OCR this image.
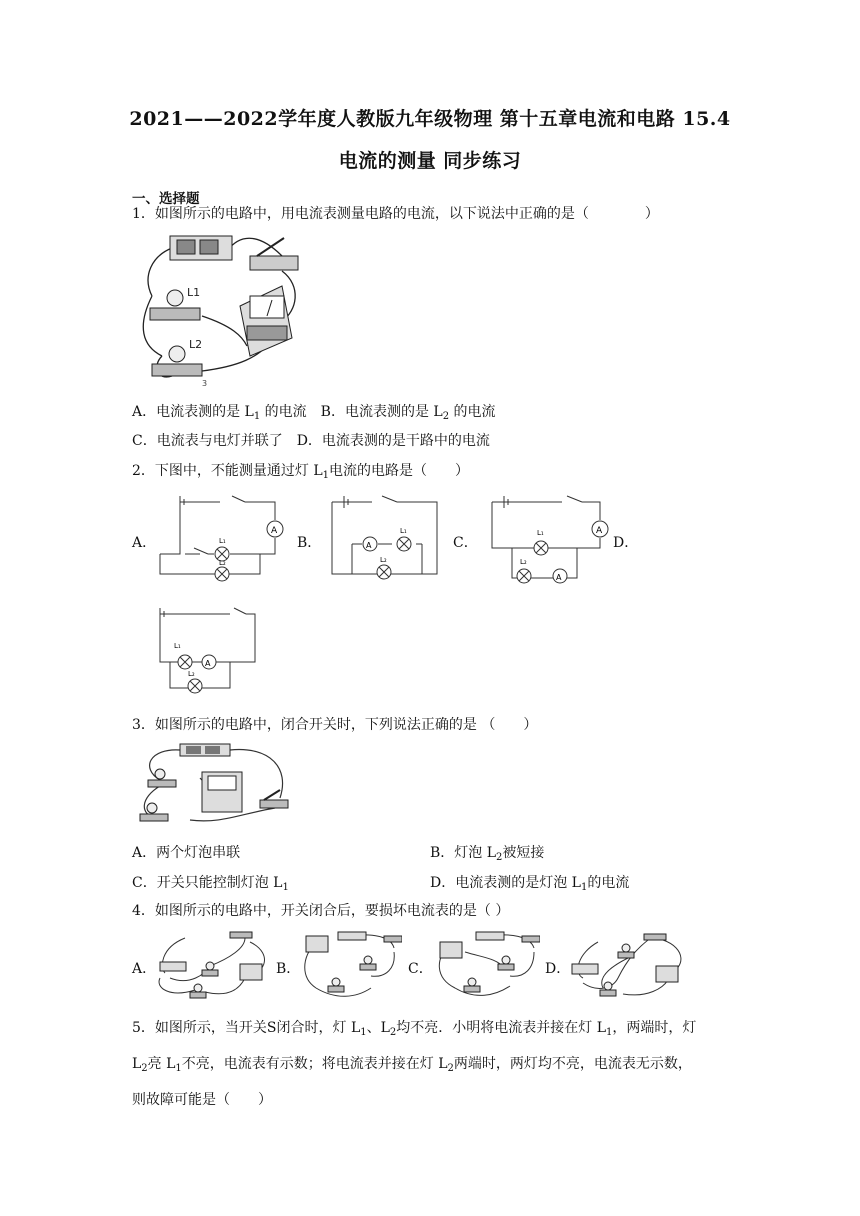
2021——2022学年度人教版九年级物理 第十五章电流和电路 15.4
电流的测量 同步练习
一、选择题
1．如图所示的电路中，用电流表测量电路的电流，以下说法中正确的是（　　　　）
L1
L2
3
A．电流表测的是 $L_1$ 的电流　B．电流表测的是 $L_2$ 的电流
C．电流表与电灯并联了　D．电流表测的是干路中的电流
2．下图中，不能测量通过灯 $L_1$电流的电路是（　　）
A．	B．	C．	D．
A
L₁
L₂
A
L₁
L₂
A
A
L₁
L₂
A
L₁
L₂
3．如图所示的电路中，闭合开关时，下列说法正确的是 （　　）
A．两个灯泡串联	B．灯泡 $L_2$被短接
C．开关只能控制灯泡 $L_1$	D．电流表测的是灯泡 $L_1$的电流
4．如图所示的电路中，开关闭合后，要损坏电流表的是（ ）
A．	B．	C．	D．
5．如图所示，当开关S闭合时，灯 $L_1$、$L_2$均不亮．小明将电流表并接在灯 $L_1$，两端时，灯
$L_2$亮 $L_1$不亮，电流表有示数；将电流表并接在灯 $L_2$两端时，两灯均不亮，电流表无示数，
则故障可能是（　　）
